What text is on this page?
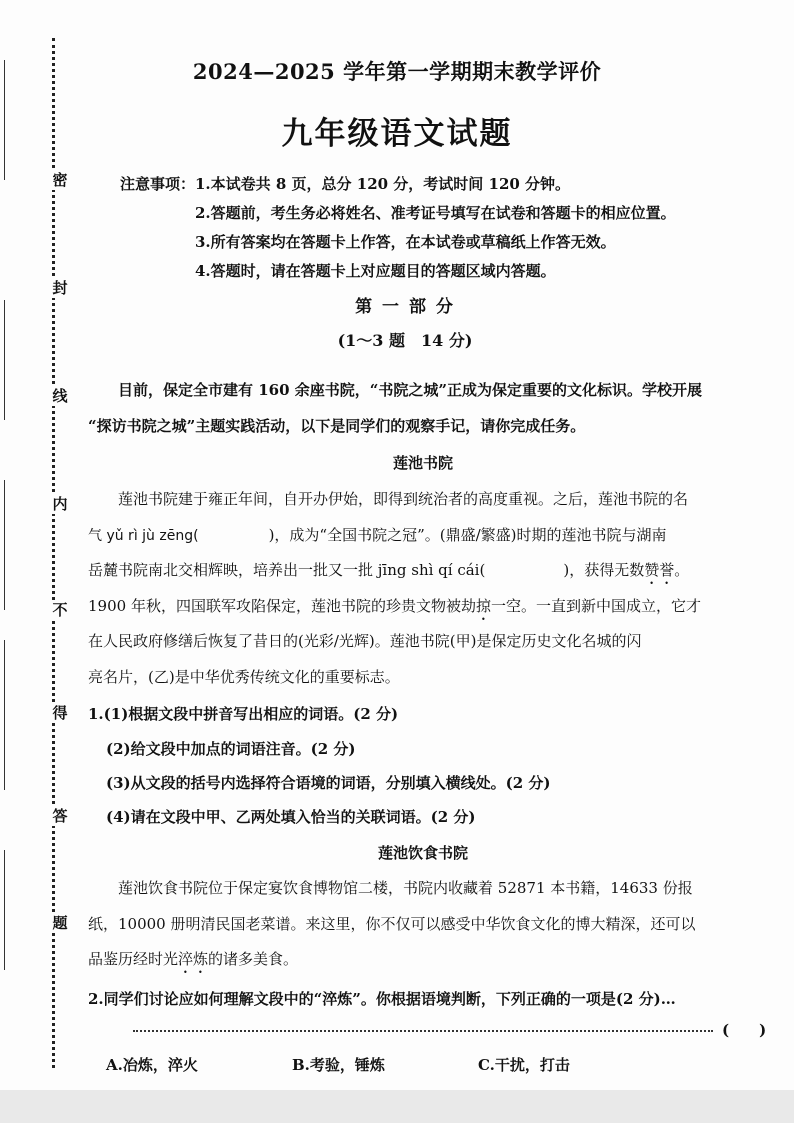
密
封
线
内
不
得
答
题
2024—2025 学年第一学期期末教学评价
九年级语文试题
注意事项：1.本试卷共 8 页，总分 120 分，考试时间 120 分钟。
2.答题前，考生务必将姓名、准考证号填写在试卷和答题卡的相应位置。
3.所有答案均在答题卡上作答，在本试卷或草稿纸上作答无效。
4.答题时，请在答题卡上对应题目的答题区域内答题。
第 一 部 分
(1～3 题　14 分)
目前，保定全市建有 160 余座书院，“书院之城”正成为保定重要的文化标识。学校开展
“探访书院之城”主题实践活动，以下是同学们的观察手记，请你完成任务。
莲池书院
莲池书院建于雍正年间，自开办伊始，即得到统治者的高度重视。之后，莲池书院的名
气 yǔ rì jù zēng(	)，成为“全国书院之冠”。(鼎盛/繁盛)时期的莲池书院与湖南
岳麓书院南北交相辉映，培养出一批又一批 jīng shì qí cái(	)，获得无数赞誉。
1900 年秋，四国联军攻陷保定，莲池书院的珍贵文物被劫掠一空。一直到新中国成立，它才
在人民政府修缮后恢复了昔日的(光彩/光辉)。莲池书院(甲)是保定历史文化名城的闪
亮名片，(乙)是中华优秀传统文化的重要标志。
1.(1)根据文段中拼音写出相应的词语。(2 分)
(2)给文段中加点的词语注音。(2 分)
(3)从文段的括号内选择符合语境的词语，分别填入横线处。(2 分)
(4)请在文段中甲、乙两处填入恰当的关联词语。(2 分)
莲池饮食书院
莲池饮食书院位于保定宴饮食博物馆二楼，书院内收藏着 52871 本书籍，14633 份报
纸，10000 册明清民国老菜谱。来这里，你不仅可以感受中华饮食文化的博大精深，还可以
品鉴历经时光淬炼的诸多美食。
2.同学们讨论应如何理解文段中的“淬炼”。你根据语境判断，下列正确的一项是(2 分)…
(　　)
A.冶炼，淬火	B.考验，锤炼	C.干扰，打击
